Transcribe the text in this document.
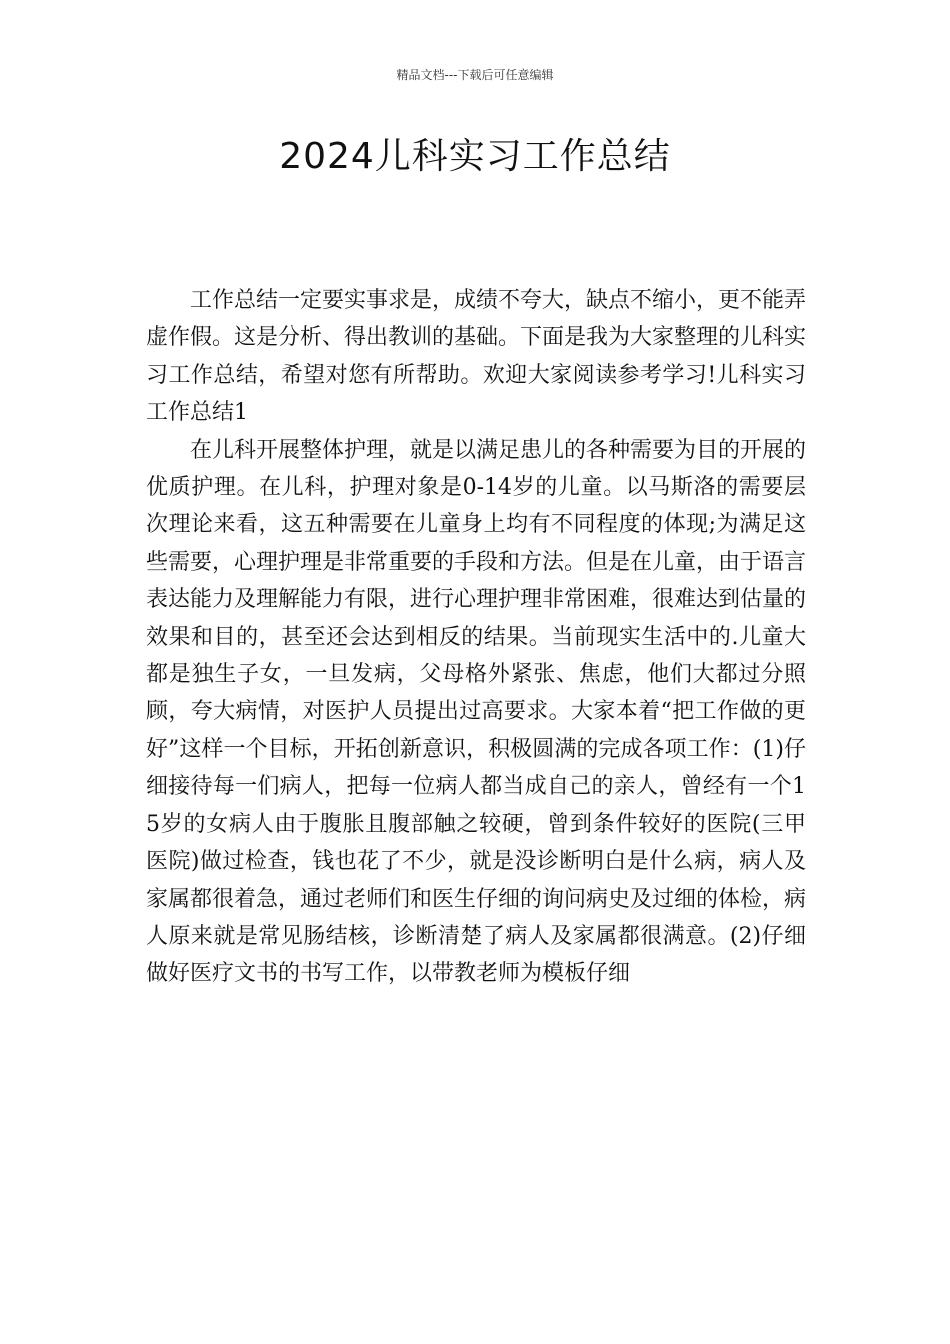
精品文档---下载后可任意编辑
2024儿科实习工作总结

工作总结一定要实事求是，成绩不夸大，缺点不缩小，更不能弄虚作假。这是分析、得出教训的基础。下面是我为大家整理的儿科实习工作总结，希望对您有所帮助。欢迎大家阅读参考学习!儿科实习工作总结1

在儿科开展整体护理，就是以满足患儿的各种需要为目的开展的优质护理。在儿科，护理对象是0-14岁的儿童。以马斯洛的需要层次理论来看，这五种需要在儿童身上均有不同程度的体现;为满足这些需要，心理护理是非常重要的手段和方法。但是在儿童，由于语言表达能力及理解能力有限，进行心理护理非常困难，很难达到估量的效果和目的，甚至还会达到相反的结果。当前现实生活中的.儿童大都是独生子女，一旦发病，父母格外紧张、焦虑，他们大都过分照顾，夸大病情，对医护人员提出过高要求。大家本着“把工作做的更好”这样一个目标，开拓创新意识，积极圆满的完成各项工作：(1)仔细接待每一们病人，把每一位病人都当成自己的亲人，曾经有一个15岁的女病人由于腹胀且腹部触之较硬，曾到条件较好的医院(三甲医院)做过检查，钱也花了不少，就是没诊断明白是什么病，病人及家属都很着急，通过老师们和医生仔细的询问病史及过细的体检，病人原来就是常见肠结核，诊断清楚了病人及家属都很满意。(2)仔细做好医疗文书的书写工作，以带教老师为模板仔细
